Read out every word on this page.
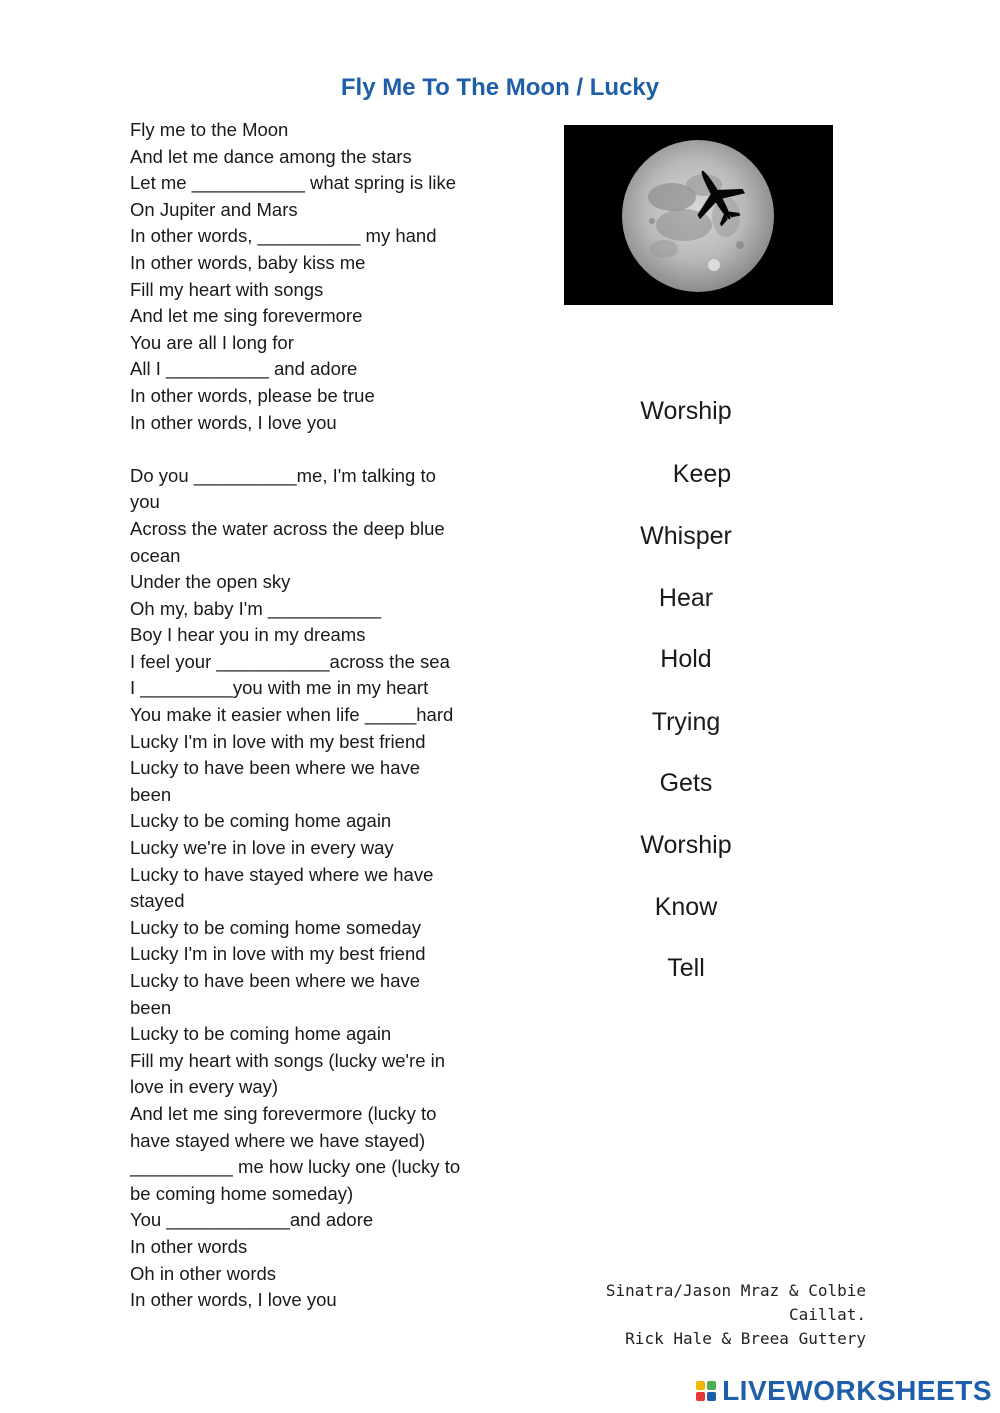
Fly Me To The Moon / Lucky
Fly me to the Moon
And let me dance among the stars
Let me ___________ what spring is like
On Jupiter and Mars
In other words, __________ my hand
In other words, baby kiss me
Fill my heart with songs
And let me sing forevermore
You are all I long for
All I __________ and adore
In other words, please be true
In other words, I love you
Do you __________me, I'm talking to
you
Across the water across the deep blue
ocean
Under the open sky
Oh my, baby I'm ___________
Boy I hear you in my dreams
I feel your ___________across the sea
I _________you with me in my heart
You make it easier when life _____hard
Lucky I'm in love with my best friend
Lucky to have been where we have
been
Lucky to be coming home again
Lucky we're in love in every way
Lucky to have stayed where we have
stayed
Lucky to be coming home someday
Lucky I'm in love with my best friend
Lucky to have been where we have
been
Lucky to be coming home again
Fill my heart with songs (lucky we're in
love in every way)
And let me sing forevermore (lucky to
have stayed where we have stayed)
__________ me how lucky one (lucky to
be coming home someday)
You ____________and adore
In other words
Oh in other words
In other words, I love you
Worship
Keep
Whisper
Hear
Hold
Trying
Gets
Worship
Know
Tell
Sinatra/Jason Mraz & Colbie Caillat.
Rick Hale & Breea Guttery
LIVEWORKSHEETS
